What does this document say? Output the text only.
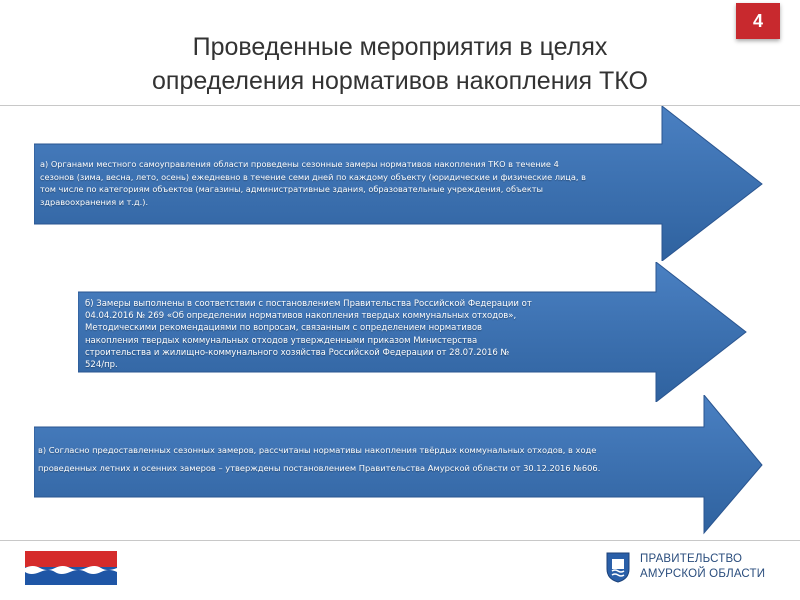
4
Проведенные мероприятия в целях
определения нормативов накопления ТКО
а) Органами местного самоуправления области проведены сезонные замеры нормативов накопления ТКО в течение 4
сезонов (зима, весна, лето, осень) ежедневно в течение семи дней по каждому объекту (юридические и физические лица, в
том числе по категориям объектов (магазины, административные здания, образовательные учреждения, объекты
здравоохранения и т.д.).
б) Замеры выполнены в соответствии с постановлением Правительства Российской Федерации от
04.04.2016 № 269 «Об определении нормативов накопления твердых коммунальных отходов»,
Методическими рекомендациями по вопросам, связанным с определением нормативов
накопления твердых коммунальных отходов утвержденными приказом Министерства
строительства и жилищно-коммунального хозяйства Российской Федерации от 28.07.2016 №
524/пр.
в) Согласно предоставленных сезонных замеров, рассчитаны нормативы накопления твёрдых коммунальных отходов, в ходе
проведенных летних и осенних замеров – утверждены постановлением Правительства Амурской области от 30.12.2016 №606.
ПРАВИТЕЛЬСТВО
АМУРСКОЙ ОБЛАСТИ
